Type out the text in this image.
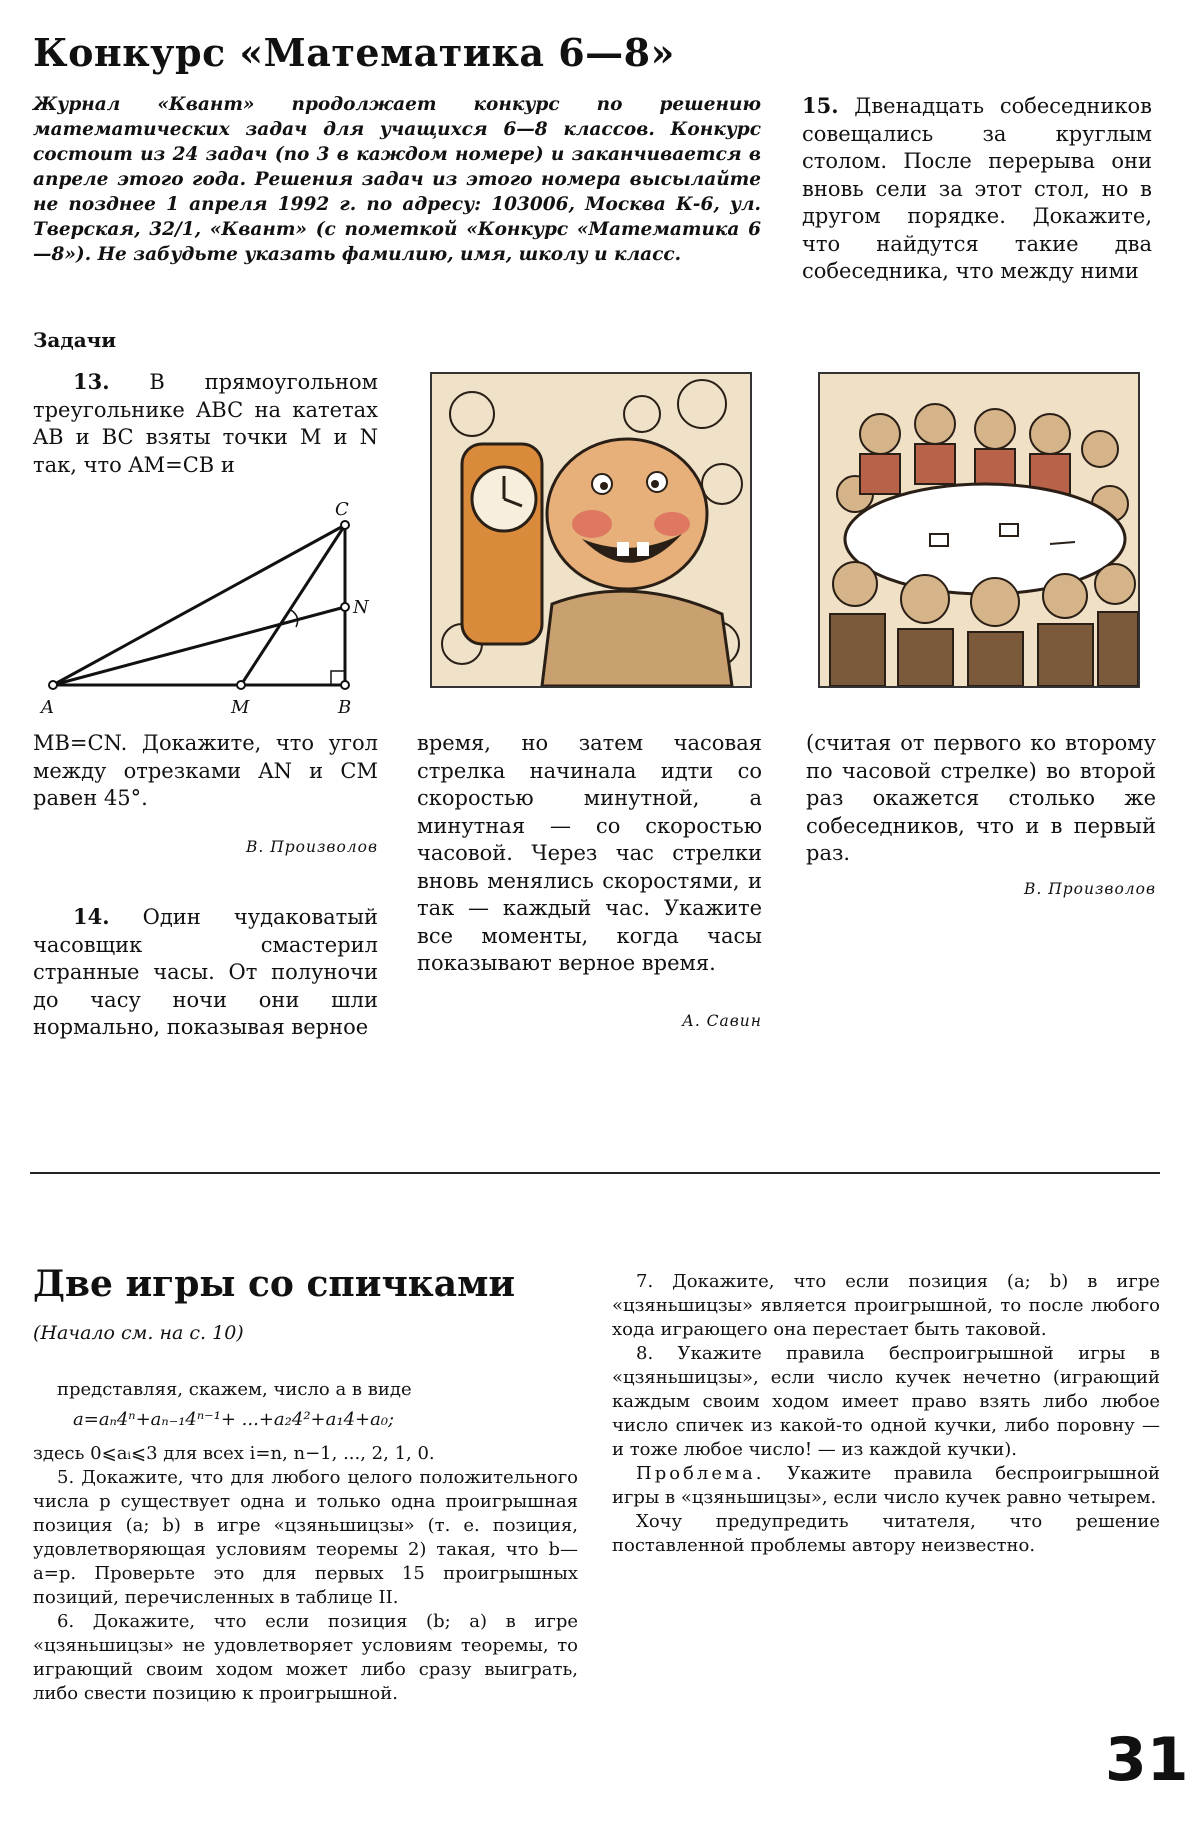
Конкурс «Математика 6—8»
Журнал «Квант» продолжает конкурс по решению математических задач для учащихся 6—8 классов. Конкурс состоит из 24 задач (по 3 в каждом номере) и заканчивается в апреле этого года. Решения задач из этого номера высылайте не позднее 1 апреля 1992 г. по адресу: 103006, Москва К-6, ул. Тверская, 32/1, «Квант» (с пометкой «Конкурс «Математика 6—8»). Не забудьте указать фамилию, имя, школу и класс.
15. Двенадцать собеседников совещались за круглым столом. После перерыва они вновь сели за этот стол, но в другом порядке. Докажите, что найдутся такие два собеседника, что между ними
Задачи
13. В прямоугольном треугольнике ABC на катетах AB и BC взяты точки M и N так, что AM=CB и
A	B
C
M
N
MB=CN. Докажите, что угол между отрезками AN и CM равен 45°.
В. Произволов
14. Один чудаковатый часовщик смастерил странные часы. От полуночи до часу ночи они шли нормально, показывая верное
время, но затем часовая стрелка начинала идти со скоростью минутной, а минутная — со скоростью часовой. Через час стрелки вновь менялись скоростями, и так — каждый час. Укажите все моменты, когда часы показывают верное время.
А. Савин
(считая от первого ко второму по часовой стрелке) во второй раз окажется столько же собеседников, что и в первый раз.
В. Произволов
Две игры со спичками
(Начало см. на с. 10)
представляя, скажем, число a в виде
a=aₙ4ⁿ+aₙ₋₁4ⁿ⁻¹+ ...+a₂4²+a₁4+a₀;
здесь 0⩽aᵢ⩽3 для всех i=n, n−1, ..., 2, 1, 0.
5. Докажите, что для любого целого положительного числа p существует одна и только одна проигрышная позиция (a; b) в игре «цзяньшицзы» (т. е. позиция, удовлетворяющая условиям теоремы 2) такая, что b—a=p. Проверьте это для первых 15 проигрышных позиций, перечисленных в таблице II.
6. Докажите, что если позиция (b; a) в игре «цзяньшицзы» не удовлетворяет условиям теоремы, то играющий своим ходом может либо сразу выиграть, либо свести позицию к проигрышной.
7. Докажите, что если позиция (a; b) в игре «цзяньшицзы» является проигрышной, то после любого хода играющего она перестает быть таковой.
8. Укажите правила беспроигрышной игры в «цзяньшицзы», если число кучек нечетно (играющий каждым своим ходом имеет право взять либо любое число спичек из какой-то одной кучки, либо поровну — и тоже любое число! — из каждой кучки).
Проблема. Укажите правила беспроигрышной игры в «цзяньшицзы», если число кучек равно четырем.
Хочу предупредить читателя, что решение поставленной проблемы автору неизвестно.
31
